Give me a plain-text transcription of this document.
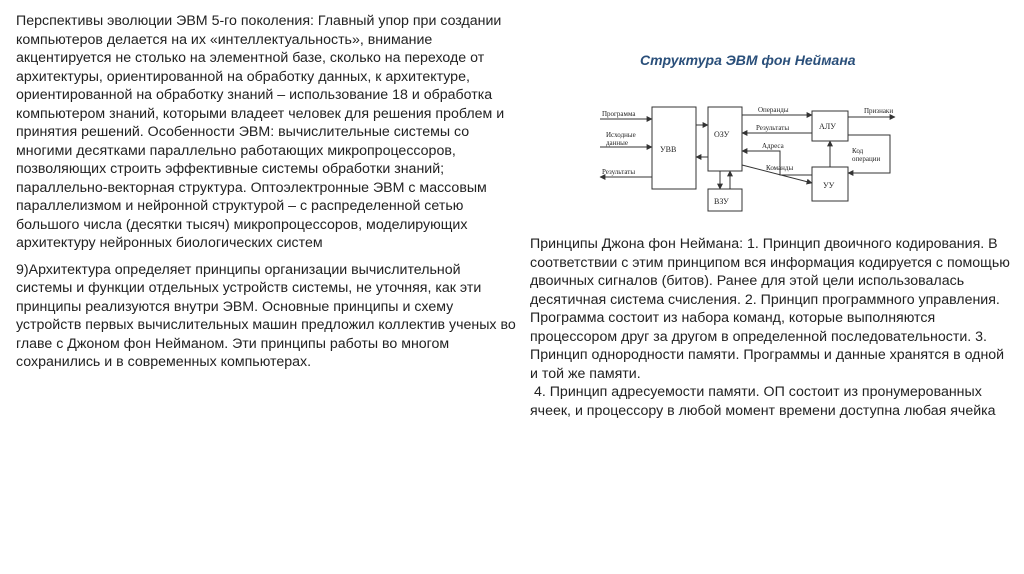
Перспективы эволюции ЭВМ 5-го поколения: Главный упор при создании компьютеров делается на их «интеллектуальность», внимание акцентируется не столько на элементной базе, сколько на переходе от архитектуры, ориентированной на обработку данных, к архитектуре, ориентированной на обработку знаний – использование 18 и обработка компьютером знаний, которыми владеет человек для решения проблем и принятия решений. Особенности ЭВМ: вычислительные системы со многими десятками параллельно работающих микропроцессоров, позволяющих строить эффективные системы обработки знаний; параллельно-векторная структура. Оптоэлектронные ЭВМ с массовым параллелизмом и нейронной структурой – с распределенной сетью большого числа (десятки тысяч) микропроцессоров, моделирующих архитектуру нейронных биологических систем

9)Архитектура определяет принципы организации вычислительной системы и функции отдельных устройств системы, не уточняя, как эти принципы реализуются внутри ЭВМ. Основные принципы и схему устройств первых вычислительных машин предложил коллектив ученых во главе с Джоном фон Нейманом. Эти принципы работы во многом сохранились и в современных компьютерах.

Структура ЭВМ фон Неймана
УВВ
ОЗУ
АЛУ
УУ
ВЗУ
Программа
Исходные
данные
Результаты
Операнды
Результаты
Адреса
Команды
Признаки
Код
операции

Принципы Джона фон Неймана: 1. Принцип двоичного кодирования. В соответствии с этим принципом вся информация кодируется с помощью двоичных сигналов (битов). Ранее для этой цели использовалась десятичная система счисления. 2. Принцип программного управления. Программа состоит из набора команд, которые выполняются процессором друг за другом в определенной последовательности. 3. Принцип однородности памяти. Программы и данные хранятся в одной и той же памяти.
4. Принцип адресуемости памяти. ОП состоит из пронумерованных ячеек, и процессору в любой момент времени доступна любая ячейка
